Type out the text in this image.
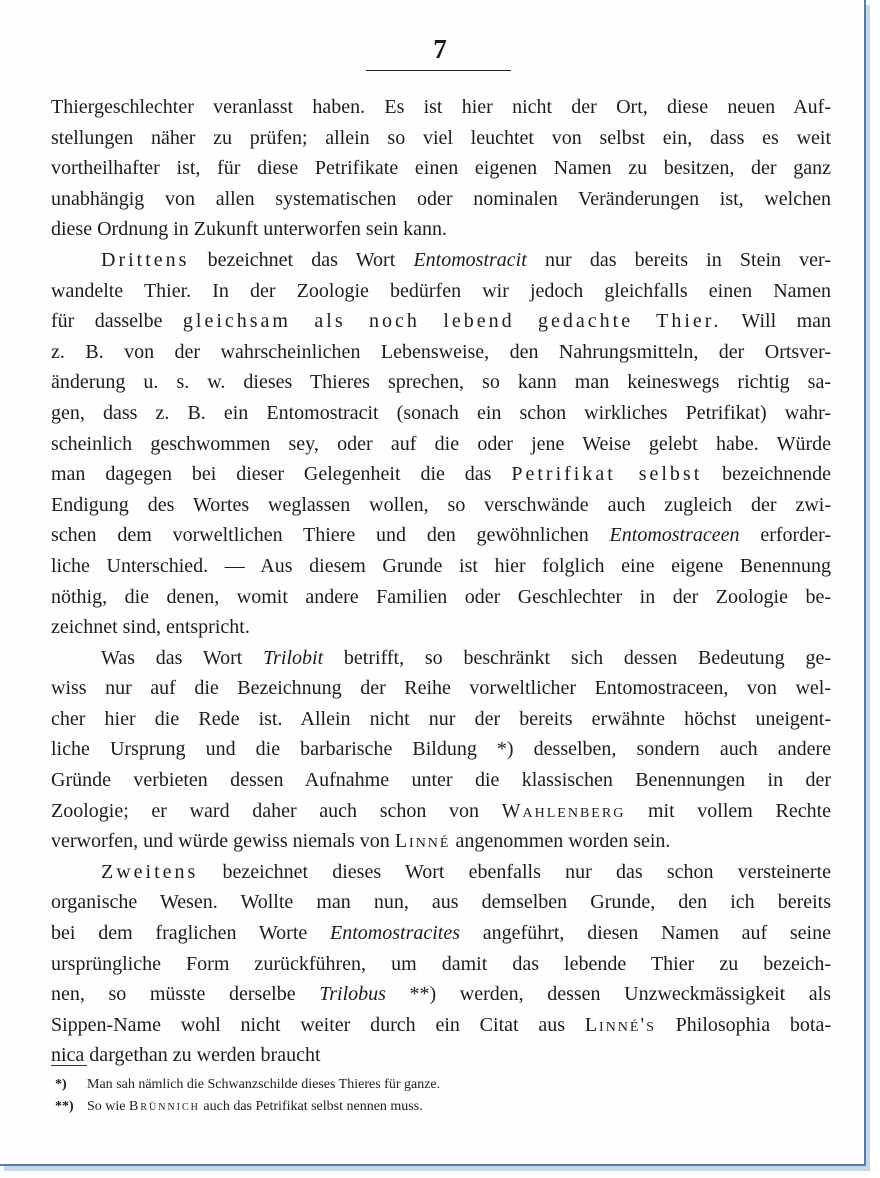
7
Thiergeschlechter veranlasst haben. Es ist hier nicht der Ort, diese neuen Auf-
stellungen näher zu prüfen; allein so viel leuchtet von selbst ein, dass es weit
vortheilhafter ist, für diese Petrifikate einen eigenen Namen zu besitzen, der ganz
unabhängig von allen systematischen oder nominalen Veränderungen ist, welchen
diese Ordnung in Zukunft unterworfen sein kann.
Drittens bezeichnet das Wort Entomostracit nur das bereits in Stein ver-
wandelte Thier. In der Zoologie bedürfen wir jedoch gleichfalls einen Namen
für dasselbe gleichsam als noch lebend gedachte Thier. Will man
z. B. von der wahrscheinlichen Lebensweise, den Nahrungsmitteln, der Ortsver-
änderung u. s. w. dieses Thieres sprechen, so kann man keineswegs richtig sa-
gen, dass z. B. ein Entomostracit (sonach ein schon wirkliches Petrifikat) wahr-
scheinlich geschwommen sey, oder auf die oder jene Weise gelebt habe. Würde
man dagegen bei dieser Gelegenheit die das Petrifikat selbst bezeichnende
Endigung des Wortes weglassen wollen, so verschwände auch zugleich der zwi-
schen dem vorweltlichen Thiere und den gewöhnlichen Entomostraceen erforder-
liche Unterschied. — Aus diesem Grunde ist hier folglich eine eigene Benennung
nöthig, die denen, womit andere Familien oder Geschlechter in der Zoologie be-
zeichnet sind, entspricht.
Was das Wort Trilobit betrifft, so beschränkt sich dessen Bedeutung ge-
wiss nur auf die Bezeichnung der Reihe vorweltlicher Entomostraceen, von wel-
cher hier die Rede ist. Allein nicht nur der bereits erwähnte höchst uneigent-
liche Ursprung und die barbarische Bildung *) desselben, sondern auch andere
Gründe verbieten dessen Aufnahme unter die klassischen Benennungen in der
Zoologie; er ward daher auch schon von Wahlenberg mit vollem Rechte
verworfen, und würde gewiss niemals von Linné angenommen worden sein.
Zweitens bezeichnet dieses Wort ebenfalls nur das schon versteinerte
organische Wesen. Wollte man nun, aus demselben Grunde, den ich bereits
bei dem fraglichen Worte Entomostracites angeführt, diesen Namen auf seine
ursprüngliche Form zurückführen, um damit das lebende Thier zu bezeich-
nen, so müsste derselbe Trilobus **) werden, dessen Unzweckmässigkeit als
Sippen-Name wohl nicht weiter durch ein Citat aus Linné's Philosophia bota-
nica dargethan zu werden braucht
*)	Man sah nämlich die Schwanzschilde dieses Thieres für ganze.
**) So wie Brünnich auch das Petrifikat selbst nennen muss.
